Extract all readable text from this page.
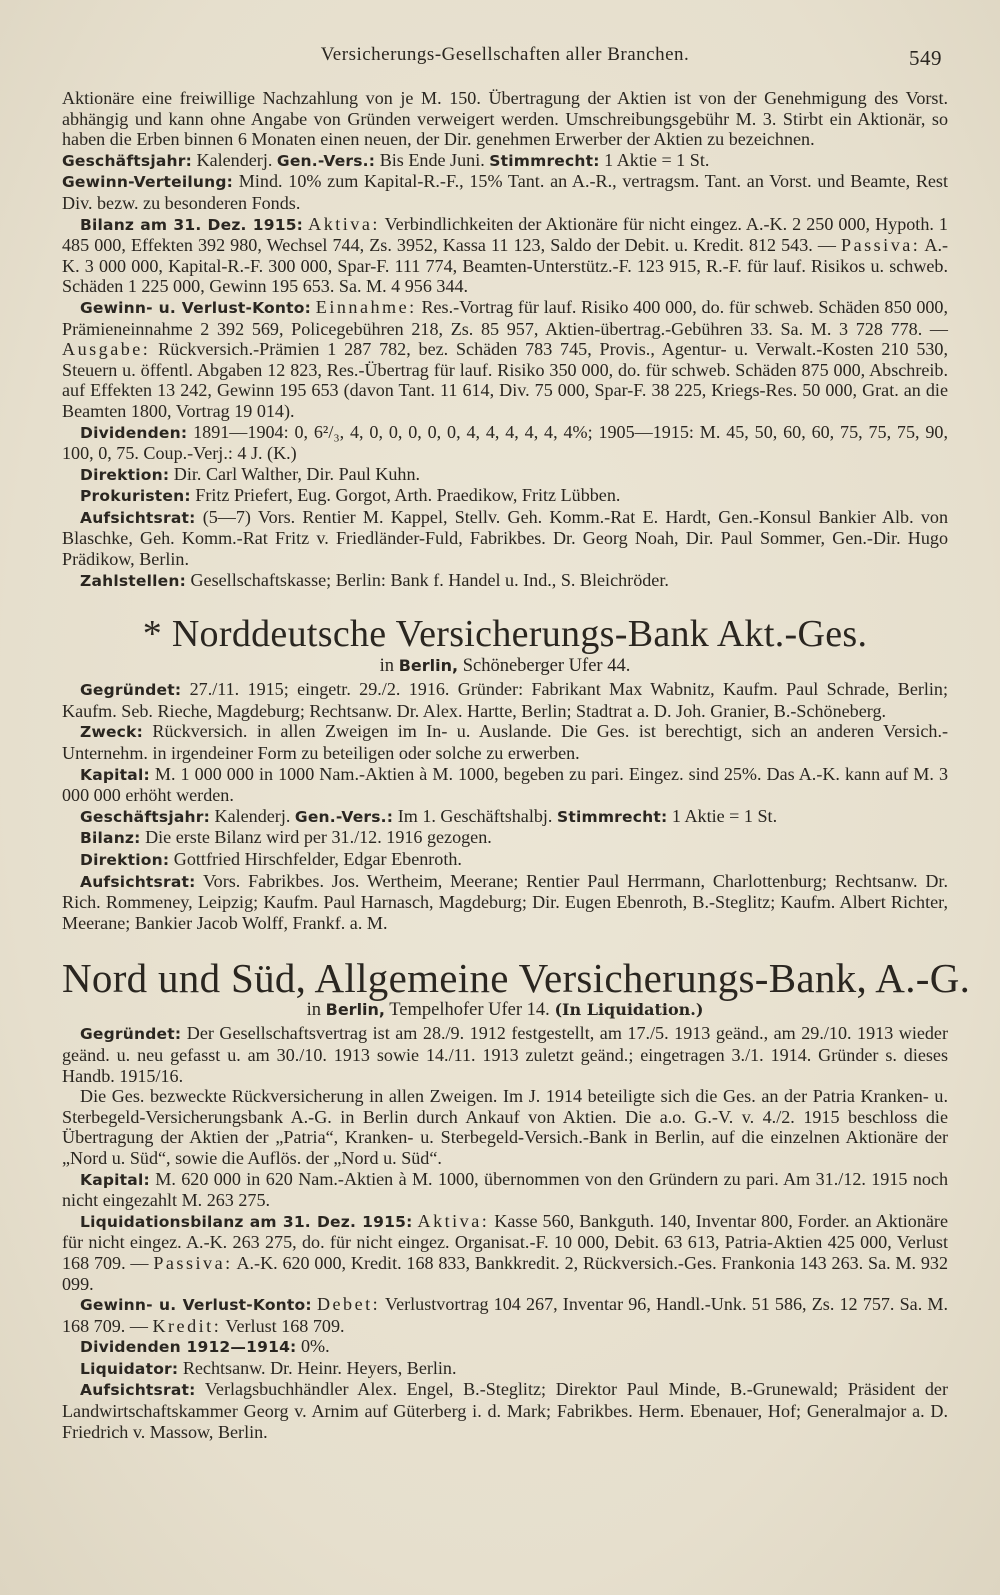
Versicherungs-Gesellschaften aller Branchen.	549

Aktionäre eine freiwillige Nachzahlung von je M. 150. Übertragung der Aktien ist von der Genehmigung des Vorst. abhängig und kann ohne Angabe von Gründen verweigert werden. Umschreibungsgebühr M. 3. Stirbt ein Aktionär, so haben die Erben binnen 6 Monaten einen neuen, der Dir. genehmen Erwerber der Aktien zu bezeichnen.

Geschäftsjahr: Kalenderj. Gen.-Vers.: Bis Ende Juni. Stimmrecht: 1 Aktie = 1 St.

Gewinn-Verteilung: Mind. 10% zum Kapital-R.-F., 15% Tant. an A.-R., vertragsm. Tant. an Vorst. und Beamte, Rest Div. bezw. zu besonderen Fonds.

Bilanz am 31. Dez. 1915: Aktiva: Verbindlichkeiten der Aktionäre für nicht eingez. A.-K. 2 250 000, Hypoth. 1 485 000, Effekten 392 980, Wechsel 744, Zs. 3952, Kassa 11 123, Saldo der Debit. u. Kredit. 812 543. — Passiva: A.-K. 3 000 000, Kapital-R.-F. 300 000, Spar-F. 111 774, Beamten-Unterstütz.-F. 123 915, R.-F. für lauf. Risikos u. schweb. Schäden 1 225 000, Gewinn 195 653. Sa. M. 4 956 344.

Gewinn- u. Verlust-Konto: Einnahme: Res.-Vortrag für lauf. Risiko 400 000, do. für schweb. Schäden 850 000, Prämieneinnahme 2 392 569, Policegebühren 218, Zs. 85 957, Aktien-übertrag.-Gebühren 33. Sa. M. 3 728 778. — Ausgabe: Rückversich.-Prämien 1 287 782, bez. Schäden 783 745, Provis., Agentur- u. Verwalt.-Kosten 210 530, Steuern u. öffentl. Abgaben 12 823, Res.-Übertrag für lauf. Risiko 350 000, do. für schweb. Schäden 875 000, Abschreib. auf Effekten 13 242, Gewinn 195 653 (davon Tant. 11 614, Div. 75 000, Spar-F. 38 225, Kriegs-Res. 50 000, Grat. an die Beamten 1800, Vortrag 19 014).

Dividenden: 1891—1904: 0, 6²/₃, 4, 0, 0, 0, 0, 0, 4, 4, 4, 4, 4, 4%; 1905—1915: M. 45, 50, 60, 60, 75, 75, 75, 90, 100, 0, 75. Coup.-Verj.: 4 J. (K.)

Direktion: Dir. Carl Walther, Dir. Paul Kuhn.

Prokuristen: Fritz Priefert, Eug. Gorgot, Arth. Praedikow, Fritz Lübben.

Aufsichtsrat: (5—7) Vors. Rentier M. Kappel, Stellv. Geh. Komm.-Rat E. Hardt, Gen.-Konsul Bankier Alb. von Blaschke, Geh. Komm.-Rat Fritz v. Friedländer-Fuld, Fabrikbes. Dr. Georg Noah, Dir. Paul Sommer, Gen.-Dir. Hugo Prädikow, Berlin.

Zahlstellen: Gesellschaftskasse; Berlin: Bank f. Handel u. Ind., S. Bleichröder.

* Norddeutsche Versicherungs-Bank Akt.-Ges.
in Berlin, Schöneberger Ufer 44.

Gegründet: 27./11. 1915; eingetr. 29./2. 1916. Gründer: Fabrikant Max Wabnitz, Kaufm. Paul Schrade, Berlin; Kaufm. Seb. Rieche, Magdeburg; Rechtsanw. Dr. Alex. Hartte, Berlin; Stadtrat a. D. Joh. Granier, B.-Schöneberg.

Zweck: Rückversich. in allen Zweigen im In- u. Auslande. Die Ges. ist berechtigt, sich an anderen Versich.-Unternehm. in irgendeiner Form zu beteiligen oder solche zu erwerben.

Kapital: M. 1 000 000 in 1000 Nam.-Aktien à M. 1000, begeben zu pari. Eingez. sind 25%. Das A.-K. kann auf M. 3 000 000 erhöht werden.

Geschäftsjahr: Kalenderj. Gen.-Vers.: Im 1. Geschäftshalbj. Stimmrecht: 1 Aktie = 1 St.

Bilanz: Die erste Bilanz wird per 31./12. 1916 gezogen.

Direktion: Gottfried Hirschfelder, Edgar Ebenroth.

Aufsichtsrat: Vors. Fabrikbes. Jos. Wertheim, Meerane; Rentier Paul Herrmann, Charlottenburg; Rechtsanw. Dr. Rich. Rommeney, Leipzig; Kaufm. Paul Harnasch, Magdeburg; Dir. Eugen Ebenroth, B.-Steglitz; Kaufm. Albert Richter, Meerane; Bankier Jacob Wolff, Frankf. a. M.

Nord und Süd, Allgemeine Versicherungs-Bank, A.-G.
in Berlin, Tempelhofer Ufer 14. (In Liquidation.)

Gegründet: Der Gesellschaftsvertrag ist am 28./9. 1912 festgestellt, am 17./5. 1913 geänd., am 29./10. 1913 wieder geänd. u. neu gefasst u. am 30./10. 1913 sowie 14./11. 1913 zuletzt geänd.; eingetragen 3./1. 1914. Gründer s. dieses Handb. 1915/16.

Die Ges. bezweckte Rückversicherung in allen Zweigen. Im J. 1914 beteiligte sich die Ges. an der Patria Kranken- u. Sterbegeld-Versicherungsbank A.-G. in Berlin durch Ankauf von Aktien. Die a.o. G.-V. v. 4./2. 1915 beschloss die Übertragung der Aktien der „Patria“, Kranken- u. Sterbegeld-Versich.-Bank in Berlin, auf die einzelnen Aktionäre der „Nord u. Süd“, sowie die Auflös. der „Nord u. Süd“.

Kapital: M. 620 000 in 620 Nam.-Aktien à M. 1000, übernommen von den Gründern zu pari. Am 31./12. 1915 noch nicht eingezahlt M. 263 275.

Liquidationsbilanz am 31. Dez. 1915: Aktiva: Kasse 560, Bankguth. 140, Inventar 800, Forder. an Aktionäre für nicht eingez. A.-K. 263 275, do. für nicht eingez. Organisat.-F. 10 000, Debit. 63 613, Patria-Aktien 425 000, Verlust 168 709. — Passiva: A.-K. 620 000, Kredit. 168 833, Bankkredit. 2, Rückversich.-Ges. Frankonia 143 263. Sa. M. 932 099.

Gewinn- u. Verlust-Konto: Debet: Verlustvortrag 104 267, Inventar 96, Handl.-Unk. 51 586, Zs. 12 757. Sa. M. 168 709. — Kredit: Verlust 168 709.

Dividenden 1912—1914: 0%.

Liquidator: Rechtsanw. Dr. Heinr. Heyers, Berlin.

Aufsichtsrat: Verlagsbuchhändler Alex. Engel, B.-Steglitz; Direktor Paul Minde, B.-Grunewald; Präsident der Landwirtschaftskammer Georg v. Arnim auf Güterberg i. d. Mark; Fabrikbes. Herm. Ebenauer, Hof; Generalmajor a. D. Friedrich v. Massow, Berlin.
